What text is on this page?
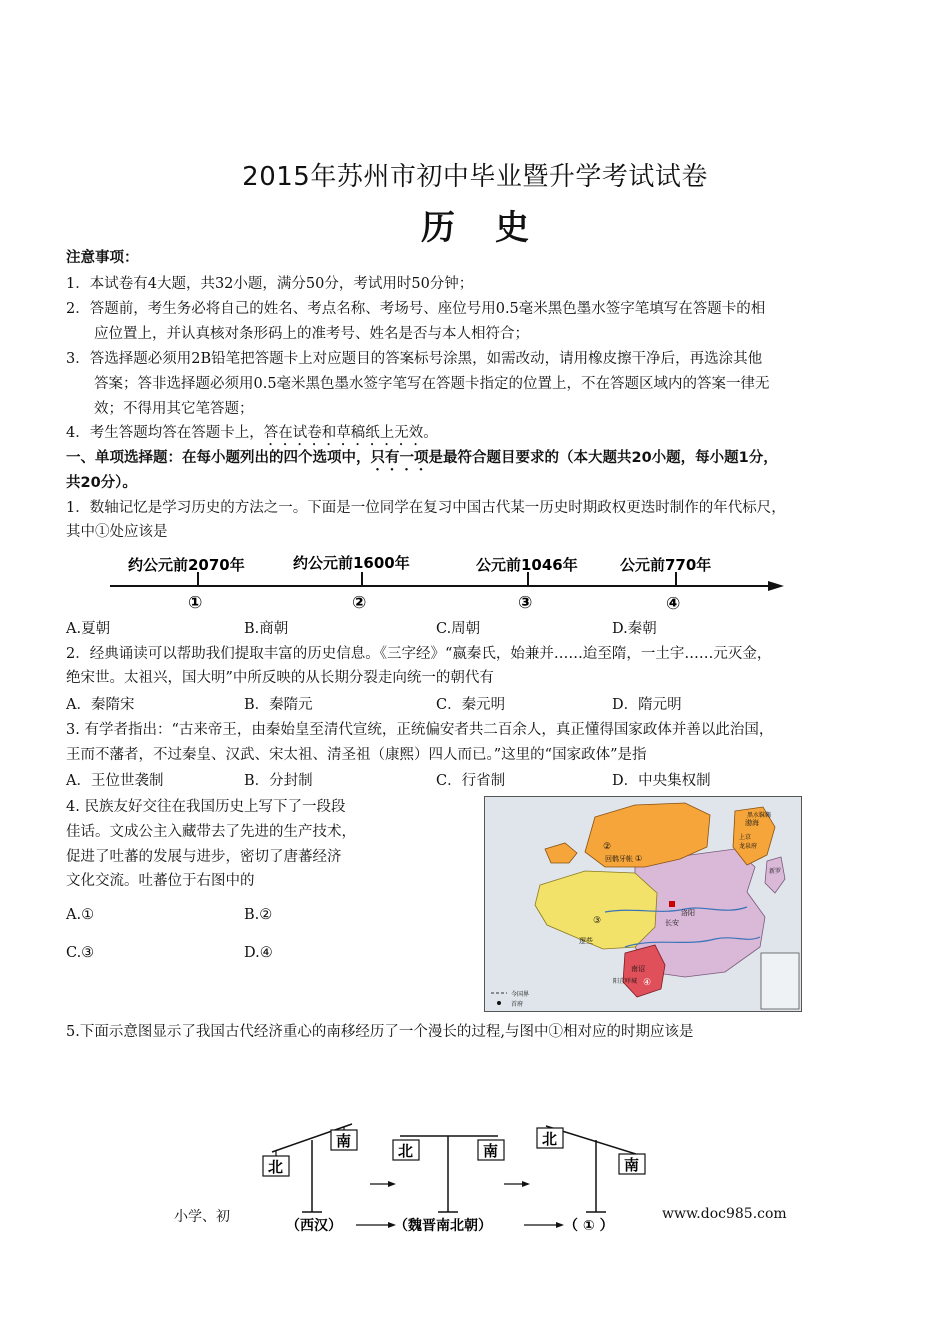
2015年苏州市初中毕业暨升学考试试卷
历史
注意事项：
1．本试卷有4大题，共32小题，满分50分，考试用时50分钟；
2．答题前，考生务必将自己的姓名、考点名称、考场号、座位号用0.5毫米黑色墨水签字笔填写在答题卡的相
应位置上，并认真核对条形码上的准考号、姓名是否与本人相符合；
3．答选择题必须用2B铅笔把答题卡上对应题目的答案标号涂黑，如需改动，请用橡皮擦干净后，再选涂其他
答案；答非选择题必须用0.5毫米黑色墨水签字笔写在答题卡指定的位置上，不在答题区域内的答案一律无
效；不得用其它笔答题；
4．考生答题均答在答题卡上，答在试卷和草稿纸上无效。
一、单项选择题：在每小题列出的四个选项中，只有一项是最符合题目要求的（本大题共20小题，每小题1分，
共20分）。
1．数轴记忆是学习历史的方法之一。下面是一位同学在复习中国古代某一历史时期政权更迭时制作的年代标尺，
其中①处应该是
约公元前2070年	约公元前1600年	公元前1046年	公元前770年
①	②	③	④
A.夏朝	B.商朝	C.周朝	D.秦朝
2．经典诵读可以帮助我们提取丰富的历史信息。《三字经》“嬴秦氏，始兼并……迨至隋，一土宇……元灭金，
绝宋世。太祖兴，国大明”中所反映的从长期分裂走向统一的朝代有
A．秦隋宋	B．秦隋元	C．秦元明	D．隋元明
3. 有学者指出：“古来帝王，由秦始皇至清代宣统，正统偏安者共二百余人，真正懂得国家政体并善以此治国，
王而不藩者，不过秦皇、汉武、宋太祖、清圣祖（康熙）四人而已。”这里的“国家政体”是指
A．王位世袭制	B．分封制	C．行省制	D．中央集权制
4. 民族友好交往在我国历史上写下了一段段
佳话。文成公主入藏带去了先进的生产技术，
促进了吐蕃的发展与进步，密切了唐蕃经济
文化交流。吐蕃位于右图中的
A.①	B.②
C.③	D.④
②
回鹘牙帐 ①
渤海
上京
龙泉府
③
逻些
长安
洛阳
南诏
阳苴咩城 ④
新罗
黑水靺鞨
今国界
首府
5.下面示意图显示了我国古代经济重心的南移经历了一个漫长的过程,与图中①相对应的时期应该是
北
南
北	南
北
南
（西汉）	（魏晋南北朝）	（ ① ）
小学、初	www.doc985.com
